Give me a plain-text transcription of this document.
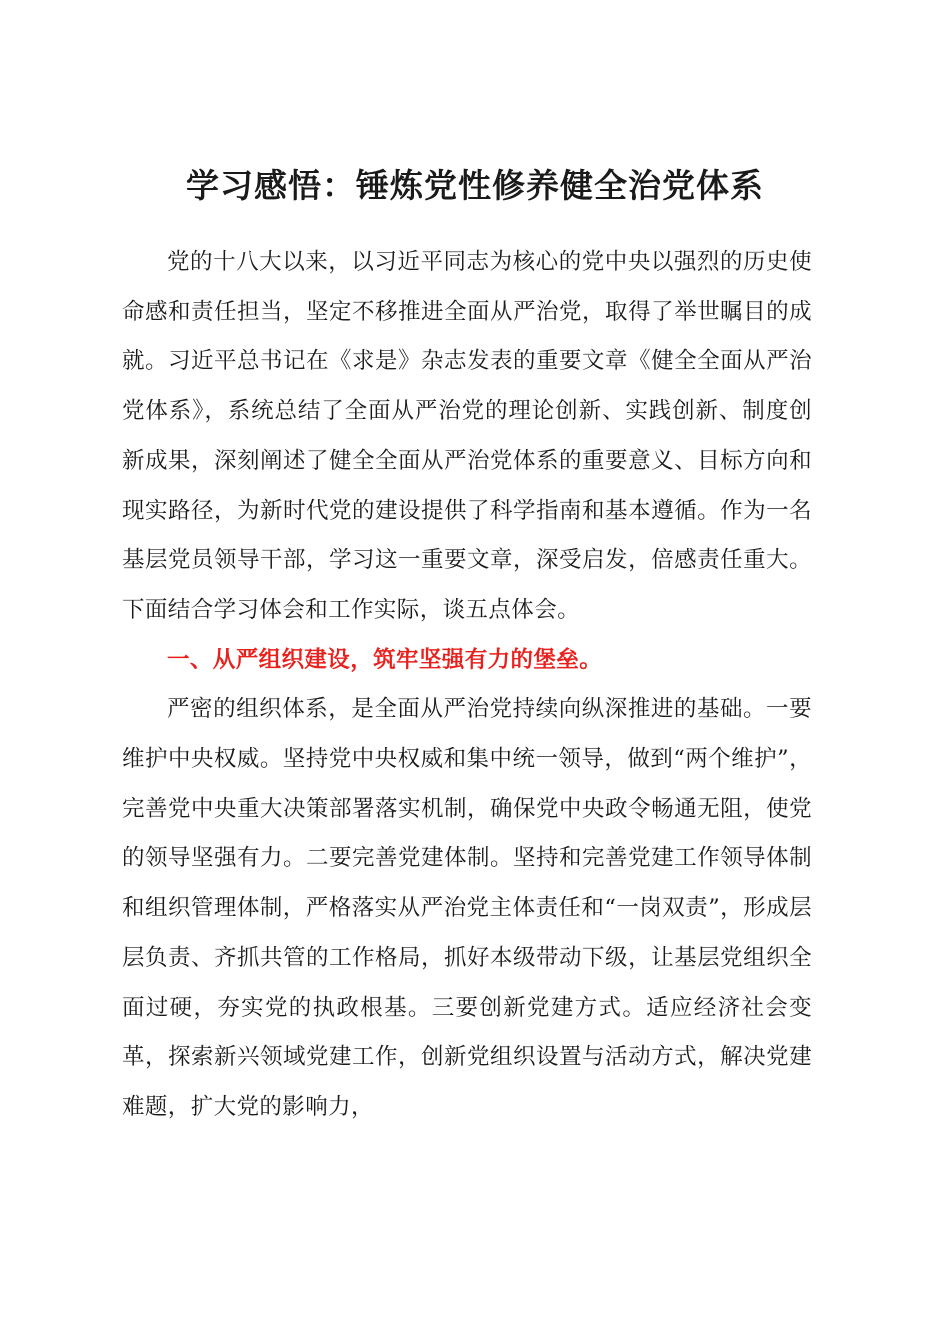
学习感悟：锤炼党性修养健全治党体系

党的十八大以来，以习近平同志为核心的党中央以强烈的历史使命感和责任担当，坚定不移推进全面从严治党，取得了举世瞩目的成就。习近平总书记在《求是》杂志发表的重要文章《健全全面从严治党体系》，系统总结了全面从严治党的理论创新、实践创新、制度创新成果，深刻阐述了健全全面从严治党体系的重要意义、目标方向和现实路径，为新时代党的建设提供了科学指南和基本遵循。作为一名基层党员领导干部，学习这一重要文章，深受启发，倍感责任重大。下面结合学习体会和工作实际，谈五点体会。

一、从严组织建设，筑牢坚强有力的堡垒。

严密的组织体系，是全面从严治党持续向纵深推进的基础。一要维护中央权威。坚持党中央权威和集中统一领导，做到“两个维护”，完善党中央重大决策部署落实机制，确保党中央政令畅通无阻，使党的领导坚强有力。二要完善党建体制。坚持和完善党建工作领导体制和组织管理体制，严格落实从严治党主体责任和“一岗双责”，形成层层负责、齐抓共管的工作格局，抓好本级带动下级，让基层党组织全面过硬，夯实党的执政根基。三要创新党建方式。适应经济社会变革，探索新兴领域党建工作，创新党组织设置与活动方式，解决党建难题，扩大党的影响力，
